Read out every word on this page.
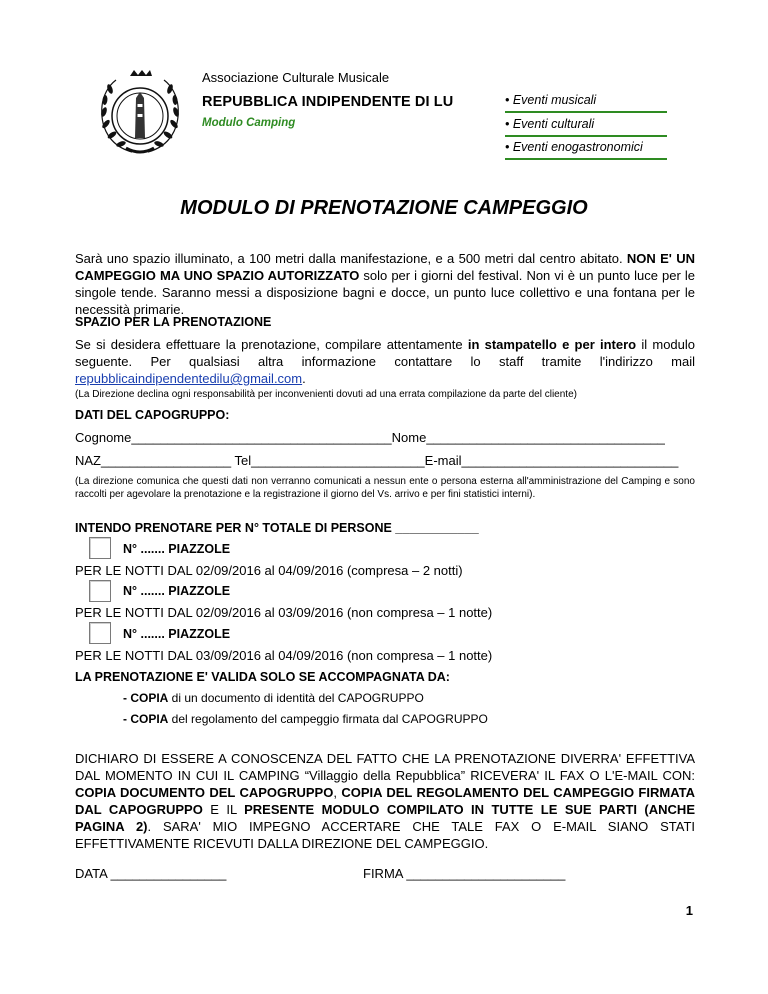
Associazione Culturale Musicale
REPUBBLICA INDIPENDENTE DI LU
Modulo Camping
• Eventi musicali
• Eventi culturali
• Eventi enogastronomici
MODULO DI PRENOTAZIONE CAMPEGGIO
Sarà uno spazio illuminato, a 100 metri dalla manifestazione, e a 500 metri dal centro abitato. NON E' UN CAMPEGGIO MA UNO SPAZIO AUTORIZZATO solo per i giorni del festival. Non vi è un punto luce per le singole tende. Saranno messi a disposizione bagni e docce, un punto luce collettivo e una fontana per le necessità primarie.
SPAZIO PER LA PRENOTAZIONE
Se si desidera effettuare la prenotazione, compilare attentamente in stampatello e per intero il modulo seguente. Per qualsiasi altra informazione contattare lo staff tramite l'indirizzo mail repubblicaindipendentedilu@gmail.com.
(La Direzione declina ogni responsabilità per inconvenienti dovuti ad una errata compilazione da parte del cliente)
DATI DEL CAPOGRUPPO:
Cognome____________________________________Nome_________________________________
NAZ__________________ Tel________________________E-mail______________________________
(La direzione comunica che questi dati non verranno comunicati a nessun ente o persona esterna all'amministrazione del Camping e sono raccolti per agevolare la prenotazione e la registrazione il giorno del Vs. arrivo e per fini statistici interni).
INTENDO PRENOTARE PER N° TOTALE DI PERSONE ____________
N° ....... PIAZZOLE
PER LE NOTTI DAL 02/09/2016 al 04/09/2016 (compresa – 2 notti)
N° ....... PIAZZOLE
PER LE NOTTI DAL 02/09/2016 al 03/09/2016 (non compresa – 1 notte)
N° ....... PIAZZOLE
PER LE NOTTI DAL 03/09/2016 al 04/09/2016 (non compresa – 1 notte)
LA PRENOTAZIONE E' VALIDA SOLO SE ACCOMPAGNATA DA:
- COPIA di un documento di identità del CAPOGRUPPO
- COPIA del regolamento del campeggio firmata dal CAPOGRUPPO
DICHIARO DI ESSERE A CONOSCENZA DEL FATTO CHE LA PRENOTAZIONE DIVERRA' EFFETTIVA DAL MOMENTO IN CUI IL CAMPING “Villaggio della Repubblica” RICEVERA' IL FAX O L'E-MAIL CON: COPIA DOCUMENTO DEL CAPOGRUPPO, COPIA DEL REGOLAMENTO DEL CAMPEGGIO FIRMATA DAL CAPOGRUPPO E IL PRESENTE MODULO COMPILATO IN TUTTE LE SUE PARTI (ANCHE PAGINA 2). SARA' MIO IMPEGNO ACCERTARE CHE TALE FAX O E-MAIL SIANO STATI EFFETTIVAMENTE RICEVUTI DALLA DIREZIONE DEL CAMPEGGIO.
DATA ________________	FIRMA ______________________
1
